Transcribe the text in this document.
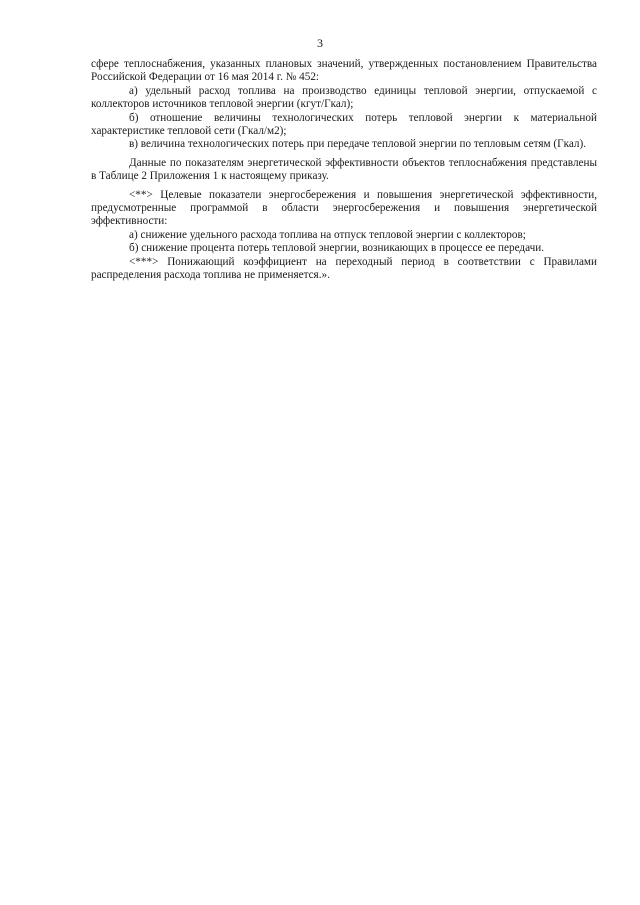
3

сфере теплоснабжения, указанных плановых значений, утвержденных постановлением Правительства Российской Федерации от 16 мая 2014 г. № 452:

а) удельный расход топлива на производство единицы тепловой энергии, отпускаемой с коллекторов источников тепловой энергии (кгут/Гкал);

б) отношение величины технологических потерь тепловой энергии к материальной характеристике тепловой сети (Гкал/м2);

в) величина технологических потерь при передаче тепловой энергии по тепловым сетям (Гкал).

Данные по показателям энергетической эффективности объектов теплоснабжения представлены в Таблице 2 Приложения 1 к настоящему приказу.

<**> Целевые показатели энергосбережения и повышения энергетической эффективности, предусмотренные программой в области энергосбережения и повышения энергетической эффективности:

а) снижение удельного расхода топлива на отпуск тепловой энергии с коллекторов;

б) снижение процента потерь тепловой энергии, возникающих в процессе ее передачи.

<***> Понижающий коэффициент на переходный период в соответствии с Правилами распределения расхода топлива не применяется.».
